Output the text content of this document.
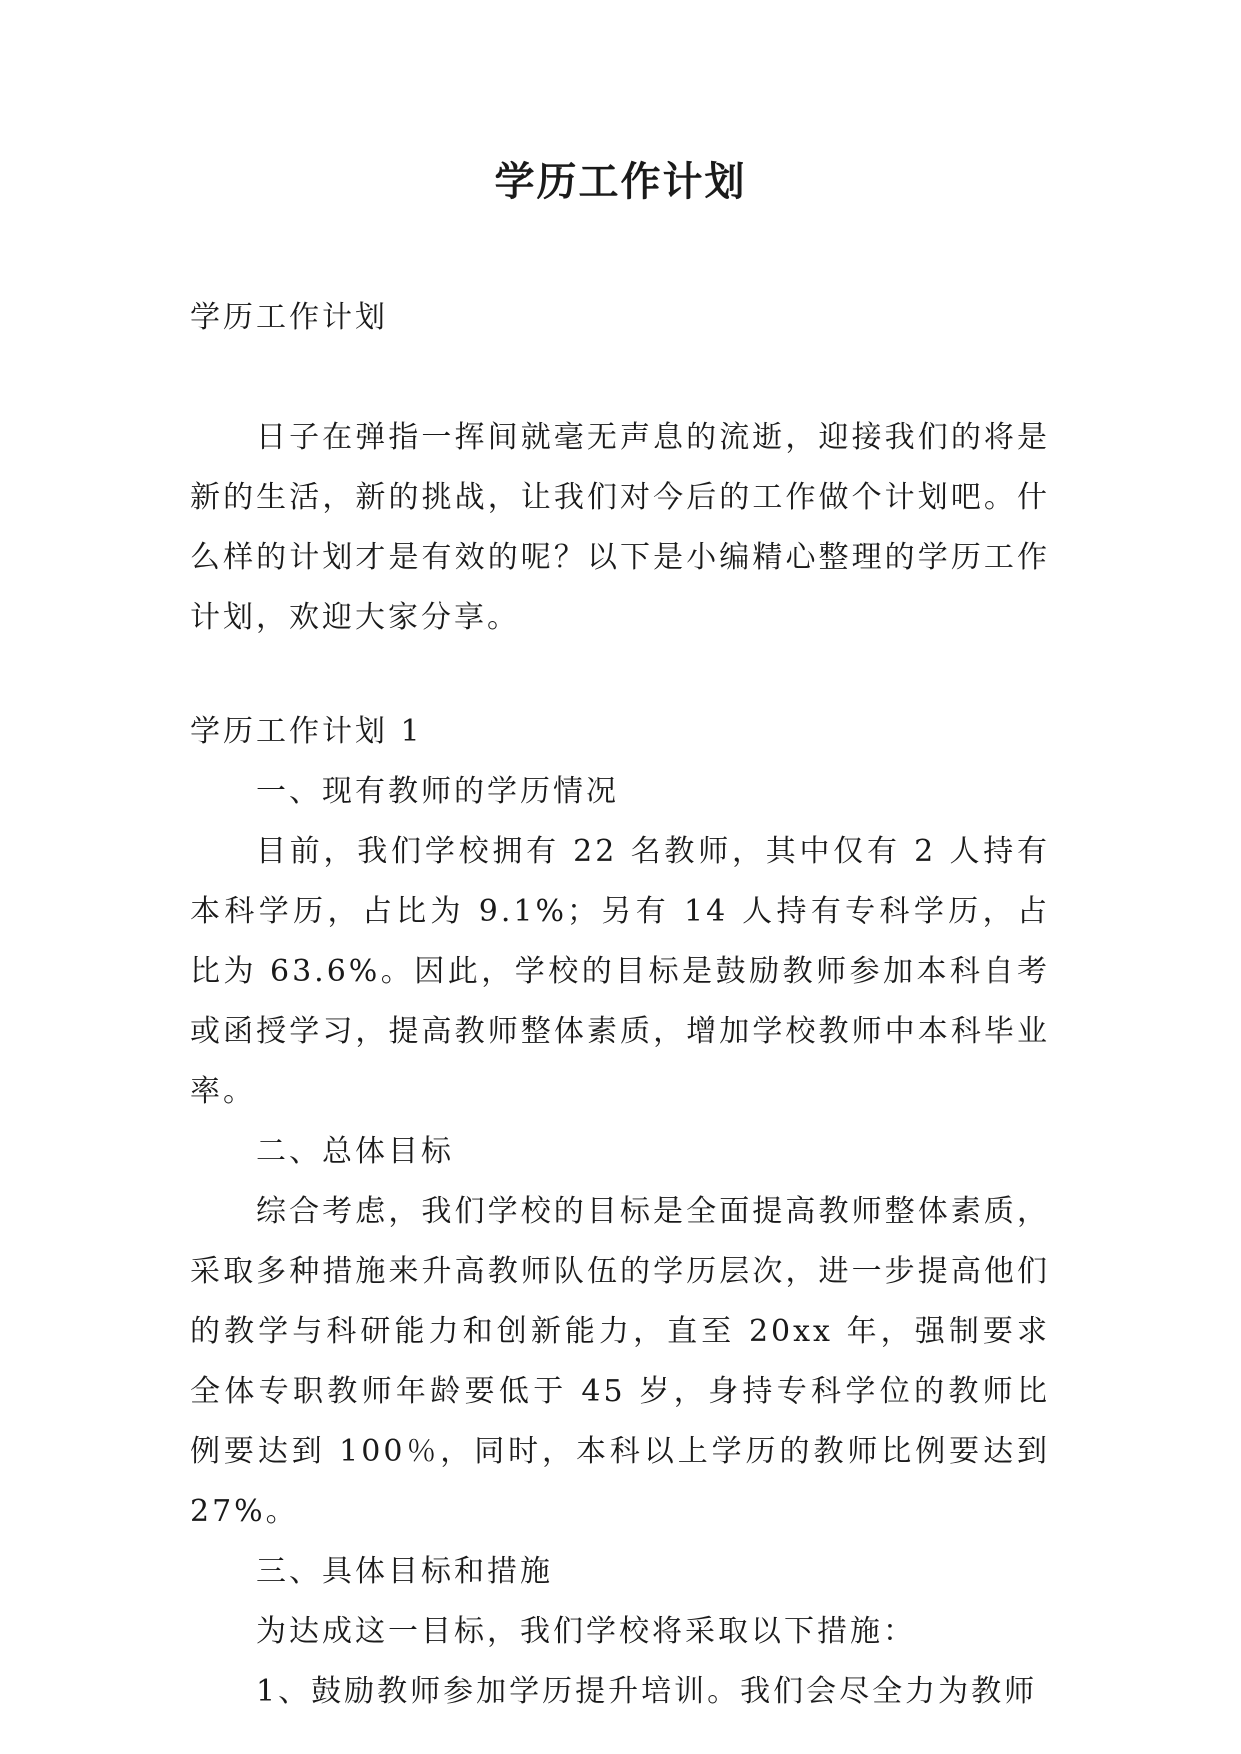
学历工作计划

学历工作计划

日子在弹指一挥间就毫无声息的流逝，迎接我们的将是新的生活，新的挑战，让我们对今后的工作做个计划吧。什么样的计划才是有效的呢？以下是小编精心整理的学历工作计划，欢迎大家分享。

学历工作计划 1

一、现有教师的学历情况

目前，我们学校拥有 22 名教师，其中仅有 2 人持有本科学历，占比为 9.1%；另有 14 人持有专科学历，占比为 63.6%。因此，学校的目标是鼓励教师参加本科自考或函授学习，提高教师整体素质，增加学校教师中本科毕业率。

二、总体目标

综合考虑，我们学校的目标是全面提高教师整体素质，采取多种措施来升高教师队伍的学历层次，进一步提高他们的教学与科研能力和创新能力，直至 20xx 年，强制要求全体专职教师年龄要低于 45 岁，身持专科学位的教师比例要达到 100％，同时，本科以上学历的教师比例要达到 27%。

三、具体目标和措施

为达成这一目标，我们学校将采取以下措施：

1、鼓励教师参加学历提升培训。我们会尽全力为教师
